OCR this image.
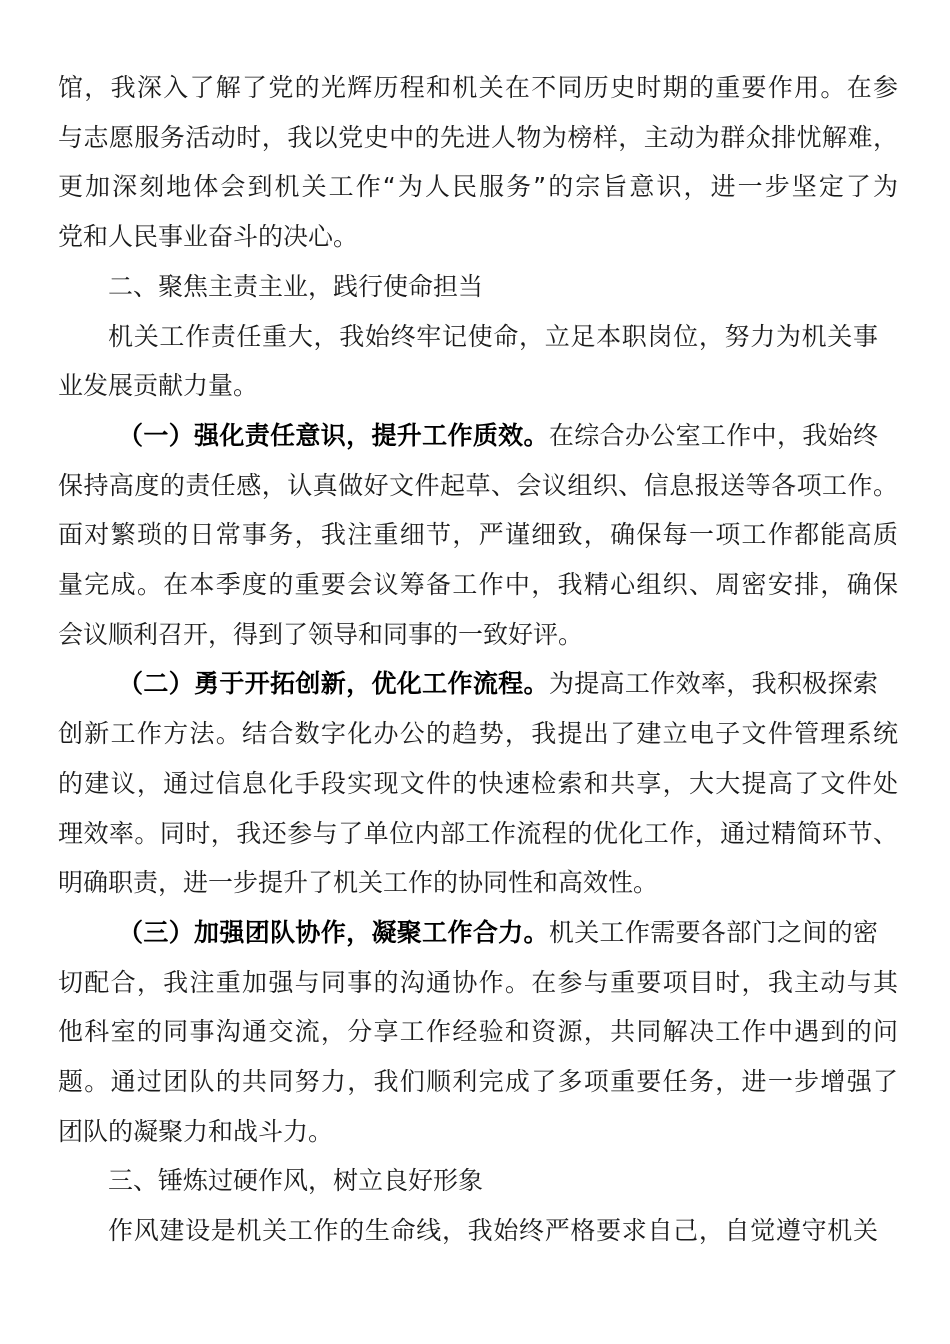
馆，我深入了解了党的光辉历程和机关在不同历史时期的重要作用。在参

与志愿服务活动时，我以党史中的先进人物为榜样，主动为群众排忧解难，

更加深刻地体会到机关工作“为人民服务”的宗旨意识，进一步坚定了为

党和人民事业奋斗的决心。

二、聚焦主责主业，践行使命担当

机关工作责任重大，我始终牢记使命，立足本职岗位，努力为机关事

业发展贡献力量。

（一）强化责任意识，提升工作质效。在综合办公室工作中，我始终

保持高度的责任感，认真做好文件起草、会议组织、信息报送等各项工作。

面对繁琐的日常事务，我注重细节，严谨细致，确保每一项工作都能高质

量完成。在本季度的重要会议筹备工作中，我精心组织、周密安排，确保

会议顺利召开，得到了领导和同事的一致好评。

（二）勇于开拓创新，优化工作流程。为提高工作效率，我积极探索

创新工作方法。结合数字化办公的趋势，我提出了建立电子文件管理系统

的建议，通过信息化手段实现文件的快速检索和共享，大大提高了文件处

理效率。同时，我还参与了单位内部工作流程的优化工作，通过精简环节、

明确职责，进一步提升了机关工作的协同性和高效性。

（三）加强团队协作，凝聚工作合力。机关工作需要各部门之间的密

切配合，我注重加强与同事的沟通协作。在参与重要项目时，我主动与其

他科室的同事沟通交流，分享工作经验和资源，共同解决工作中遇到的问

题。通过团队的共同努力，我们顺利完成了多项重要任务，进一步增强了

团队的凝聚力和战斗力。

三、锤炼过硬作风，树立良好形象

作风建设是机关工作的生命线，我始终严格要求自己，自觉遵守机关
